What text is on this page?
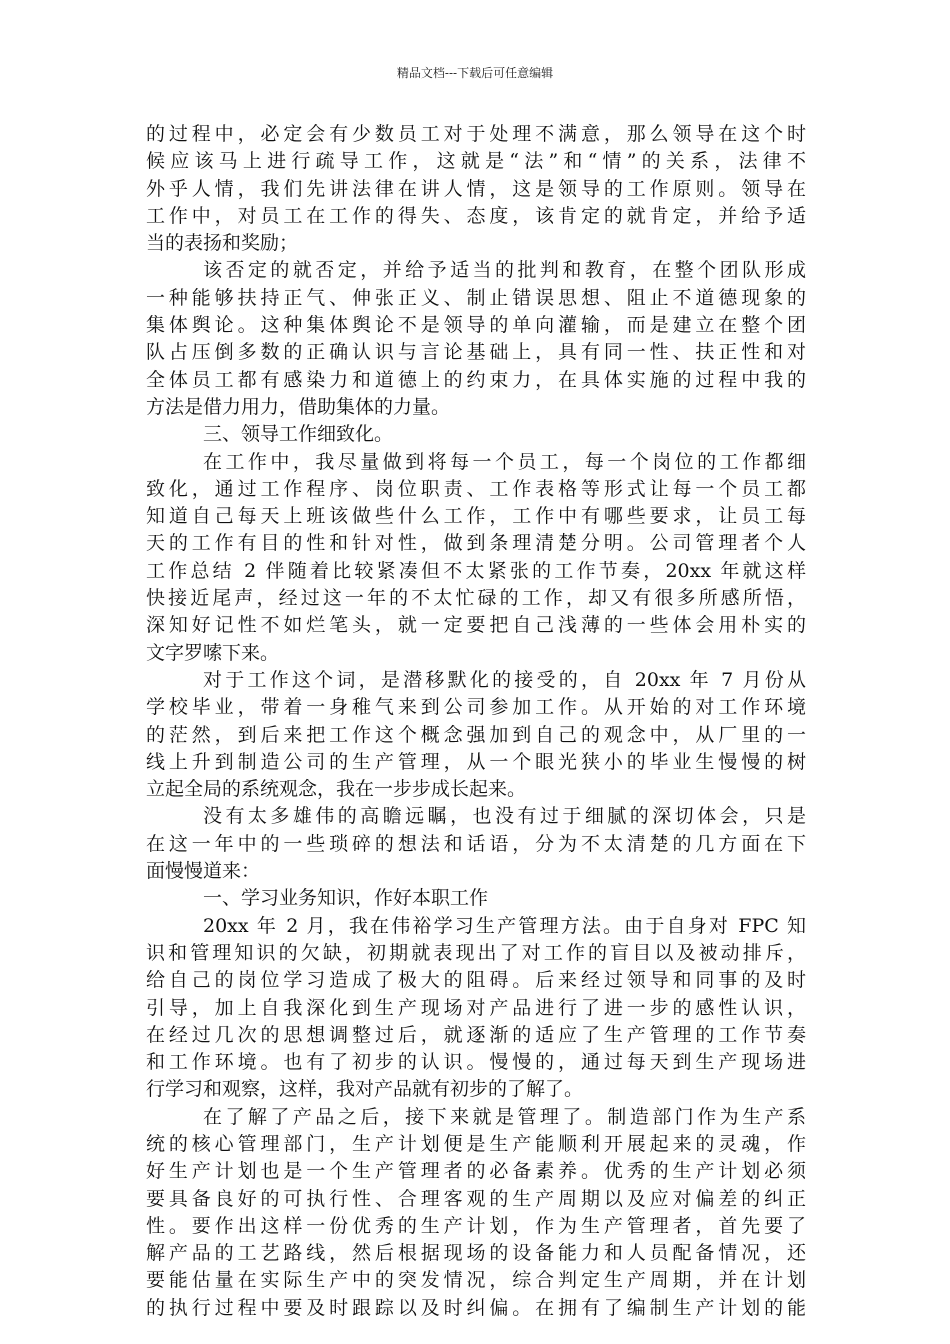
精品文档---下载后可任意编辑
的过程中，必定会有少数员工对于处理不满意，那么领导在这个时
候应该马上进行疏导工作，这就是“法”和“情”的关系，法律不
外乎人情，我们先讲法律在讲人情，这是领导的工作原则。领导在
工作中，对员工在工作的得失、态度，该肯定的就肯定，并给予适
当的表扬和奖励；
该否定的就否定，并给予适当的批判和教育，在整个团队形成
一种能够扶持正气、伸张正义、制止错误思想、阻止不道德现象的
集体舆论。这种集体舆论不是领导的单向灌输，而是建立在整个团
队占压倒多数的正确认识与言论基础上，具有同一性、扶正性和对
全体员工都有感染力和道德上的约束力，在具体实施的过程中我的
方法是借力用力，借助集体的力量。
三、领导工作细致化。
在工作中，我尽量做到将每一个员工，每一个岗位的工作都细
致化，通过工作程序、岗位职责、工作表格等形式让每一个员工都
知道自己每天上班该做些什么工作，工作中有哪些要求，让员工每
天的工作有目的性和针对性，做到条理清楚分明。公司管理者个人
工作总结 2 伴随着比较紧凑但不太紧张的工作节奏，20xx 年就这样
快接近尾声，经过这一年的不太忙碌的工作，却又有很多所感所悟，
深知好记性不如烂笔头，就一定要把自己浅薄的一些体会用朴实的
文字罗嗦下来。
对于工作这个词，是潜移默化的接受的，自 20xx 年 7 月份从
学校毕业，带着一身稚气来到公司参加工作。从开始的对工作环境
的茫然，到后来把工作这个概念强加到自己的观念中，从厂里的一
线上升到制造公司的生产管理，从一个眼光狭小的毕业生慢慢的树
立起全局的系统观念，我在一步步成长起来。
没有太多雄伟的高瞻远瞩，也没有过于细腻的深切体会，只是
在这一年中的一些琐碎的想法和话语，分为不太清楚的几方面在下
面慢慢道来：
一、学习业务知识，作好本职工作
20xx 年 2 月，我在伟裕学习生产管理方法。由于自身对 FPC 知
识和管理知识的欠缺，初期就表现出了对工作的盲目以及被动排斥，
给自己的岗位学习造成了极大的阻碍。后来经过领导和同事的及时
引导，加上自我深化到生产现场对产品进行了进一步的感性认识，
在经过几次的思想调整过后，就逐渐的适应了生产管理的工作节奏
和工作环境。也有了初步的认识。慢慢的，通过每天到生产现场进
行学习和观察，这样，我对产品就有初步的了解了。
在了解了产品之后，接下来就是管理了。制造部门作为生产系
统的核心管理部门，生产计划便是生产能顺利开展起来的灵魂，作
好生产计划也是一个生产管理者的必备素养。优秀的生产计划必须
要具备良好的可执行性、合理客观的生产周期以及应对偏差的纠正
性。要作出这样一份优秀的生产计划，作为生产管理者，首先要了
解产品的工艺路线，然后根据现场的设备能力和人员配备情况，还
要能估量在实际生产中的突发情况，综合判定生产周期，并在计划
的执行过程中要及时跟踪以及时纠偏。在拥有了编制生产计划的能
